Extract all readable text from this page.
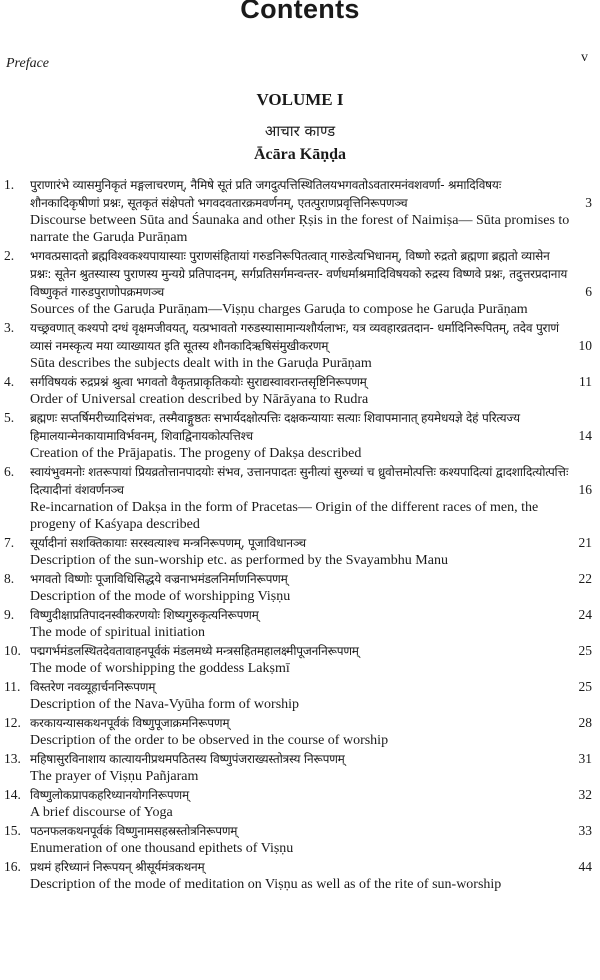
Contents
Preface	v
VOLUME I
आचार काण्ड
Ācāra Kāṇḍa
1. पुराणारंभे व्यासमुनिकृतं मङ्गलाचरणम्, नैमिषे सूतं प्रति जगदुत्पत्तिस्थितिलयभगवतोऽवतारमनंवशवर्णा- श्रमादिविषयः शौनकादिकृषीणां प्रश्नः, सूतकृतं संक्षेपतो भगवदवतारक्रमवर्णनम्, एतत्पुराणप्रवृत्तिनिरूपणञ्च
Discourse between Sūta and Śaunaka and other Ṛṣis in the forest of Naimiṣa— Sūta promises to narrate the Garuḍa Purāṇam
3
2. भगवत्प्रसादतो ब्रह्मविश्वकश्यपायास्याः पुराणसंहितायां गरुडनिरूपितत्वात् गारुडेत्यभिधानम्, विष्णो रुद्रतो ब्रह्मणा ब्रह्मतो व्यासेन प्रश्नः: सूतेन श्रुतस्यास्य पुराणस्य मुन्यग्रे प्रतिपादनम्, सर्गप्रतिसर्गमन्वन्तर- वर्णधर्माश्रमादिविषयको रुद्रस्य विष्णवे प्रश्नः, तदुत्तरप्रदानाय विष्णुकृतं गारुडपुराणोपक्रमणञ्च
Sources of the Garuḍa Purāṇam—Viṣṇu charges Garuḍa to compose he Garuḍa Purāṇam
6
3. यच्छ्रवणात् कश्यपो दग्धं वृक्षमजीवयत्, यत्प्रभावतो गरुडस्यासामान्यशौर्यलाभः, यत्र व्यवहारव्रतदान- धर्मादिनिरूपितम्, तदेव पुराणं व्यासं नमस्कृत्य मया व्याख्यायत इति सूतस्य शौनकादिऋषिसंमुखीकरणम्
Sūta describes the subjects dealt with in the Garuḍa Purāṇam
10
4. सर्गविषयकं रुद्रप्रश्नं श्रुत्वा भगवतो वैकृतप्राकृतिकयोः सुराद्यस्वावरान्तसृष्टिनिरूपणम्
Order of Universal creation described by Nārāyana to Rudra
11
5. ब्रह्मणः सप्तर्षिमरीच्यादिसंभवः, तस्मैवाङ्गुष्ठतः सभार्यदक्षोत्पत्तिः दक्षकन्यायाः सत्याः शिवापमानात् हयमेधयज्ञे देहं परित्यज्य हिमालयान्मेनकायामाविर्भवनम्, शिवाद्विनायकोत्पत्तिश्च
Creation of the Prājapatis. The progeny of Dakṣa described
14
6. स्वायंभुवमनोः शतरूपायां प्रियव्रतोत्तानपादयोः संभव, उत्तानपादतः सुनीत्यां सुरुच्यां च ध्रुवोत्तमोत्पत्तिः कश्यपादित्यां द्वादशादित्योत्पत्तिः दित्यादीनां वंशवर्णनञ्च
Re-incarnation of Dakṣa in the form of Pracetas— Origin of the different races of men, the progeny of Kaśyapa described
16
7. सूर्यादीनां सशक्तिकायाः सरस्वत्याश्च मन्त्रनिरूपणम्, पूजाविधानञ्च
Description of the sun-worship etc. as performed by the Svayambhu Manu
21
8. भगवतो विष्णोः पूजाविधिसिद्धये वज्रनाभमंडलनिर्माणनिरूपणम्
Description of the mode of worshipping Viṣṇu
22
9. विष्णुदीक्षाप्रतिपादनस्वीकरणयोः शिष्यगुरुकृत्यनिरूपणम्
The mode of spiritual initiation
24
10. पद्मगर्भमंडलस्थितदेवतावाहनपूर्वकं मंडलमध्ये मन्त्रसहितमहालक्ष्मीपूजननिरूपणम्
The mode of worshipping the goddess Lakṣmī
25
11. विस्तरेण नवव्यूहार्चननिरूपणम्
Description of the Nava-Vyūha form of worship
25
12. करकायन्यासकथनपूर्वकं विष्णुपूजाक्रमनिरूपणम्
Description of the order to be observed in the course of worship
28
13. महिषासुरविनाशाय कात्यायनीप्रथमपठितस्य विष्णुपंजराख्यस्तोत्रस्य निरूपणम्
The prayer of Viṣṇu Pañjaram
31
14. विष्णुलोकप्रापकहरिध्यानयोगनिरूपणम्
A brief discourse of Yoga
32
15. पठनफलकथनपूर्वकं विष्णुनामसहस्रस्तोत्रनिरूपणम्
Enumeration of one thousand epithets of Viṣṇu
33
16. प्रथमं हरिध्यानं निरूपयन् श्रीसूर्यमंत्रकथनम्
Description of the mode of meditation on Viṣṇu as well as of the rite of sun-worship
44
